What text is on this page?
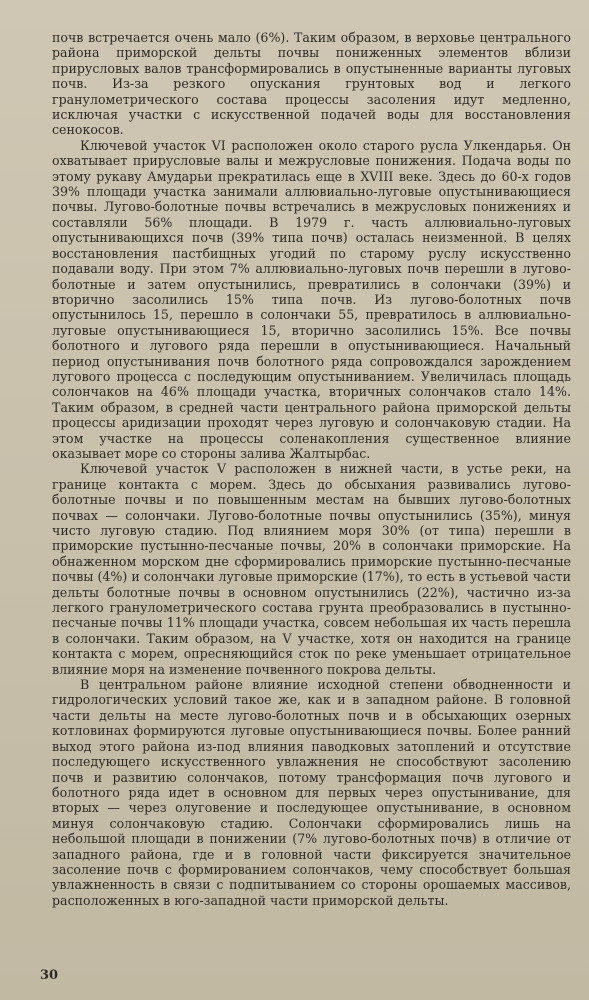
почв встречается очень мало (6%). Таким образом, в верховье центрального района приморской дельты почвы пониженных элементов вблизи прирусловых валов трансформировались в опустыненные варианты луговых почв. Из-за резкого опускания грунтовых вод и легкого гранулометрического состава процессы засоления идут медленно, исключая участки с искусственной подачей воды для восстановления сенокосов.

Ключевой участок VI расположен около старого русла Улкендарья. Он охватывает прирусловые валы и межрусловые понижения. Подача воды по этому рукаву Амударьи прекратилась еще в XVIII веке. Здесь до 60-х годов 39% площади участка занимали аллювиально-луговые опустынивающиеся почвы. Лугово-болотные почвы встречались в межрусловых понижениях и составляли 56% площади. В 1979 г. часть аллювиально-луговых опустынивающихся почв (39% типа почв) осталась неизменной. В целях восстановления пастбищных угодий по старому руслу искусственно подавали воду. При этом 7% аллювиально-луговых почв перешли в лугово-болотные и затем опустынились, превратились в солончаки (39%) и вторично засолились 15% типа почв. Из лугово-болотных почв опустынилось 15, перешло в солончаки 55, превратилось в аллювиально-луговые опустынивающиеся 15, вторично засолились 15%. Все почвы болотного и лугового ряда перешли в опустынивающиеся. Начальный период опустынивания почв болотного ряда сопровождался зарождением лугового процесса с последующим опустыниванием. Увеличилась площадь солончаков на 46% площади участка, вторичных солончаков стало 14%. Таким образом, в средней части центрального района приморской дельты процессы аридизации проходят через луговую и солончаковую стадии. На этом участке на процессы соленакопления существенное влияние оказывает море со стороны залива Жалтырбас.

Ключевой участок V расположен в нижней части, в устье реки, на границе контакта с морем. Здесь до обсыхания развивались лугово-болотные почвы и по повышенным местам на бывших лугово-болотных почвах — солончаки. Лугово-болотные почвы опустынились (35%), минуя чисто луговую стадию. Под влиянием моря 30% (от типа) перешли в приморские пустынно-песчаные почвы, 20% в солончаки приморские. На обнаженном морском дне сформировались приморские пустынно-песчаные почвы (4%) и солончаки луговые приморские (17%), то есть в устьевой части дельты болотные почвы в основном опустынились (22%), частично из-за легкого гранулометрического состава грунта преобразовались в пустынно-песчаные почвы 11% площади участка, совсем небольшая их часть перешла в солончаки. Таким образом, на V участке, хотя он находится на границе контакта с морем, опресняющийся сток по реке уменьшает отрицательное влияние моря на изменение почвенного покрова дельты.

В центральном районе влияние исходной степени обводненности и гидрологических условий такое же, как и в западном районе. В головной части дельты на месте лугово-болотных почв и в обсыхающих озерных котловинах формируются луговые опустынивающиеся почвы. Более ранний выход этого района из-под влияния паводковых затоплений и отсутствие последующего искусственного увлажнения не способствуют засолению почв и развитию солончаков, потому трансформация почв лугового и болотного ряда идет в основном для первых через опустынивание, для вторых — через олуговение и последующее опустынивание, в основном минуя солончаковую стадию. Солончаки сформировались лишь на небольшой площади в понижении (7% лугово-болотных почв) в отличие от западного района, где и в головной части фиксируется значительное засоление почв с формированием солончаков, чему способствует большая увлажненность в связи с подпитыванием со стороны орошаемых массивов, расположенных в юго-западной части приморской дельты.

30
